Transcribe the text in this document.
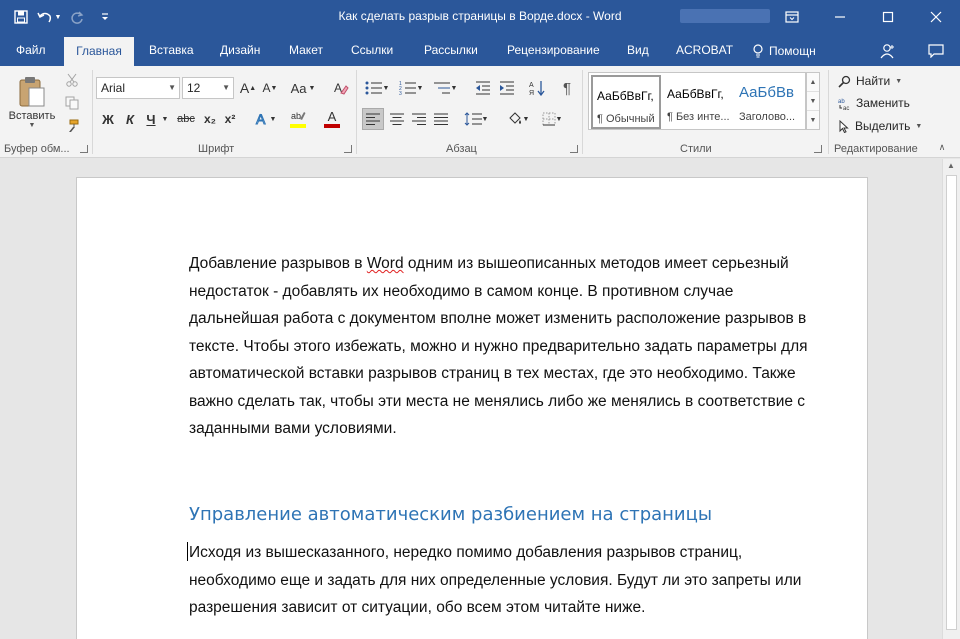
▼	Как сделать разрыв страницы в Ворде.docx - Word
Файл	Главная	Вставка Дизайн Макет Ссылки	Рассылки Рецензирование Вид ACROBAT	Помощн
Вставить
▼
Буфер обм...
Arial	▼ 12	▼ A ▲ A ▼ Aa ▼ A
Ж К Ч ▼ abc x₂ x²	A ▼ ab A
Шрифт
▼
1
2
3
▼	▼	A
Я ¶
▼	▼	▼
Абзац	Стили
Найти ▼
ab
ac Заменить
Выделить ▼
Редактирование ∧
АаБбВвГг,
¶ Обычный
АаБбВвГг,
¶ Без инте...
АаБбВв
Заголово...
▲
▼
▼
Добавление разрывов в Word одним из вышеописанных методов имеет серьезный недостаток - добавлять их необходимо в самом конце. В противном случае дальнейшая работа с документом вполне может изменить расположение разрывов в тексте. Чтобы этого избежать, можно и нужно предварительно задать параметры для автоматической вставки разрывов страниц в тех местах, где это необходимо. Также важно сделать так, чтобы эти места не менялись либо же менялись в соответствие с заданными вами условиями.
Управление автоматическим разбиением на страницы
Исходя из вышесказанного, нередко помимо добавления разрывов страниц, необходимо еще и задать для них определенные условия. Будут ли это запреты или разрешения зависит от ситуации, обо всем этом читайте ниже.
▲
